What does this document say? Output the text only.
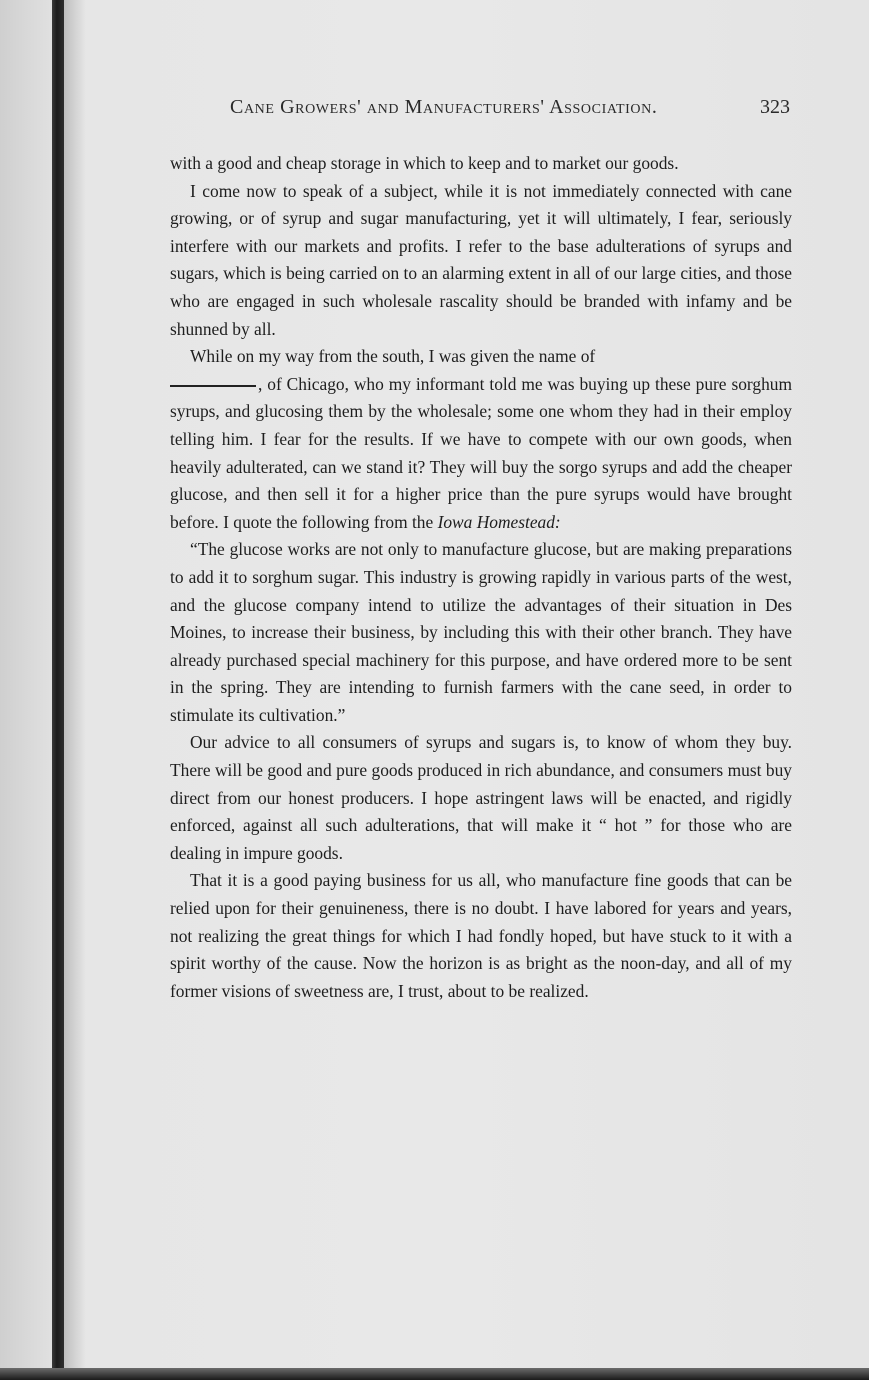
Cane Growers' and Manufacturers' Association.	323

with a good and cheap storage in which to keep and to market our goods.

I come now to speak of a subject, while it is not immediately connected with cane growing, or of syrup and sugar manufacturing, yet it will ultimately, I fear, seriously interfere with our markets and profits. I refer to the base adulterations of syrups and sugars, which is being carried on to an alarming extent in all of our large cities, and those who are engaged in such wholesale rascality should be branded with infamy and be shunned by all.

While on my way from the south, I was given the name of
, of Chicago, who my informant told me was buying up these pure sorghum syrups, and glucosing them by the wholesale; some one whom they had in their employ telling him. I fear for the results. If we have to compete with our own goods, when heavily adulterated, can we stand it? They will buy the sorgo syrups and add the cheaper glucose, and then sell it for a higher price than the pure syrups would have brought before. I quote the following from the Iowa Homestead:

“The glucose works are not only to manufacture glucose, but are making preparations to add it to sorghum sugar. This industry is growing rapidly in various parts of the west, and the glucose company intend to utilize the advantages of their situation in Des Moines, to increase their business, by including this with their other branch. They have already purchased special machinery for this purpose, and have ordered more to be sent in the spring. They are intending to furnish farmers with the cane seed, in order to stimulate its cultivation.”

Our advice to all consumers of syrups and sugars is, to know of whom they buy. There will be good and pure goods produced in rich abundance, and consumers must buy direct from our honest producers. I hope astringent laws will be enacted, and rigidly enforced, against all such adulterations, that will make it “ hot ” for those who are dealing in impure goods.

That it is a good paying business for us all, who manufacture fine goods that can be relied upon for their genuineness, there is no doubt. I have labored for years and years, not realizing the great things for which I had fondly hoped, but have stuck to it with a spirit worthy of the cause. Now the horizon is as bright as the noon-day, and all of my former visions of sweetness are, I trust, about to be realized.
